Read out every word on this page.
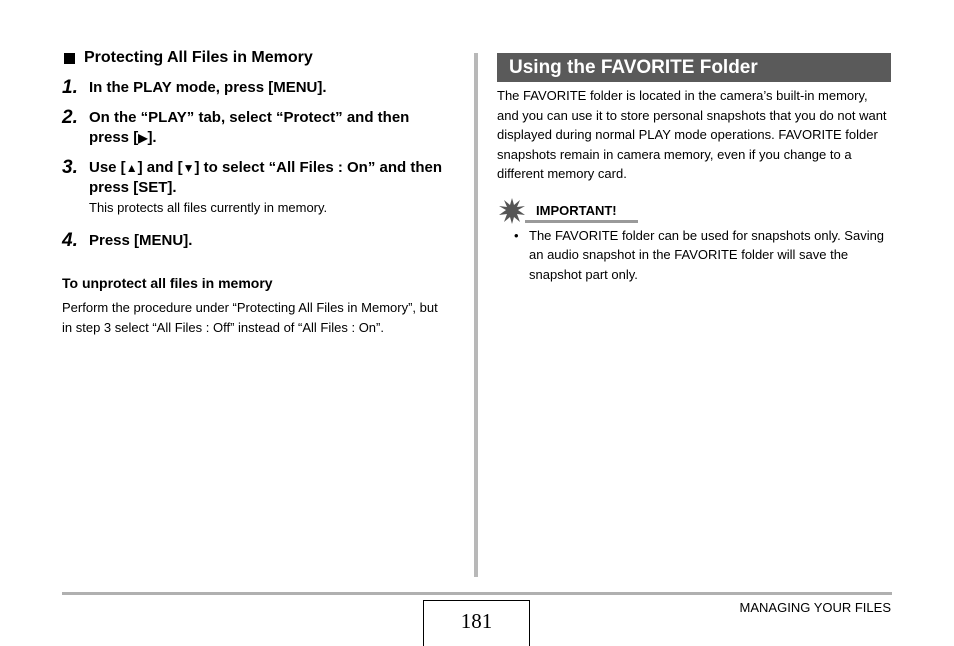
Protecting All Files in Memory
1. In the PLAY mode, press [MENU].
2. On the “PLAY” tab, select “Protect” and then press [▶].
3. Use [▲] and [▼] to select “All Files : On” and then press [SET].
This protects all files currently in memory.
4. Press [MENU].
To unprotect all files in memory
Perform the procedure under “Protecting All Files in Memory”, but in step 3 select “All Files : Off” instead of “All Files : On”.
Using the FAVORITE Folder
The FAVORITE folder is located in the camera’s built-in memory, and you can use it to store personal snapshots that you do not want displayed during normal PLAY mode operations. FAVORITE folder snapshots remain in camera memory, even if you change to a different memory card.
IMPORTANT!
• The FAVORITE folder can be used for snapshots only. Saving an audio snapshot in the FAVORITE folder will save the snapshot part only.
181
MANAGING YOUR FILES
